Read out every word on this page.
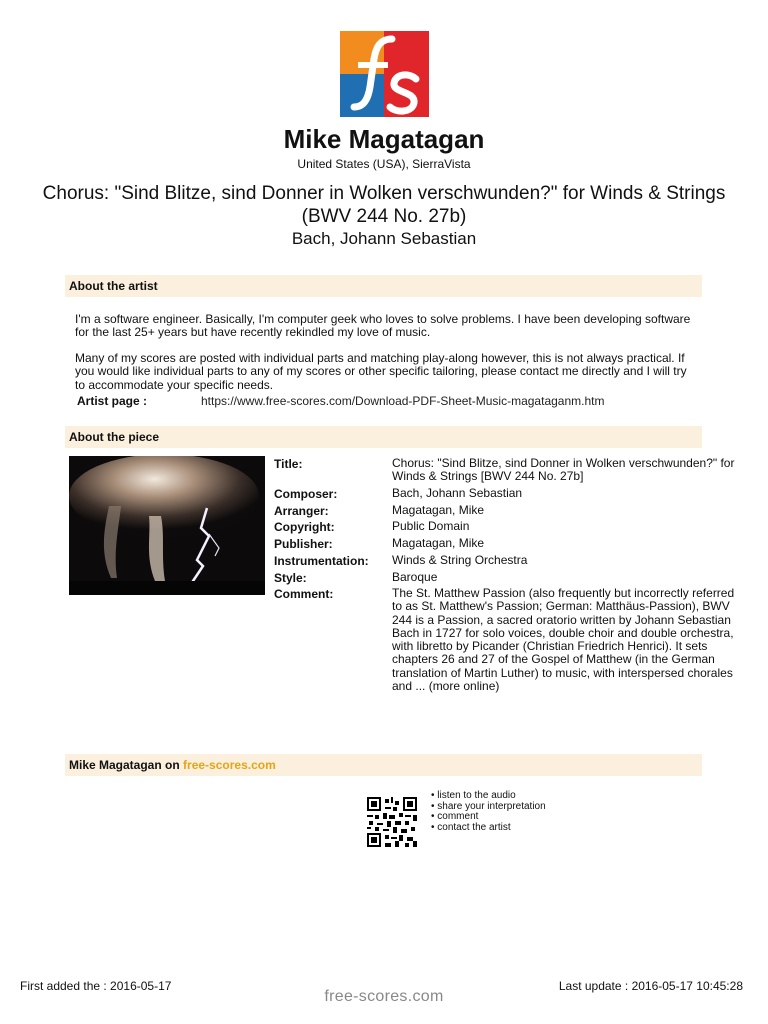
Mike Magatagan
United States (USA), SierraVista
Chorus: "Sind Blitze, sind Donner in Wolken verschwunden?" for Winds & Strings (BWV 244 No. 27b)
Bach, Johann Sebastian
About the artist
I'm a software engineer. Basically, I'm computer geek who loves to solve problems. I have been developing software for the last 25+ years but have recently rekindled my love of music.
Many of my scores are posted with individual parts and matching play-along however, this is not always practical. If you would like individual parts to any of my scores or other specific tailoring, please contact me directly and I will try to accommodate your specific needs.
Artist page :	https://www.free-scores.com/Download-PDF-Sheet-Music-magataganm.htm
About the piece
Title:	Chorus: "Sind Blitze, sind Donner in Wolken verschwunden?" for Winds & Strings [BWV 244 No. 27b]
Composer:	Bach, Johann Sebastian
Arranger:	Magatagan, Mike
Copyright:	Public Domain
Publisher:	Magatagan, Mike
Instrumentation:	Winds & String Orchestra
Style:	Baroque
Comment:	The St. Matthew Passion (also frequently but incorrectly referred to as St. Matthew's Passion; German: Matthäus-Passion), BWV 244 is a Passion, a sacred oratorio written by Johann Sebastian Bach in 1727 for solo voices, double choir and double orchestra, with libretto by Picander (Christian Friedrich Henrici). It sets chapters 26 and 27 of the Gospel of Matthew (in the German translation of Martin Luther) to music, with interspersed chorales and ... (more online)
Mike Magatagan on free-scores.com
• listen to the audio
• share your interpretation
• comment
• contact the artist
First added the : 2016-05-17	Last update : 2016-05-17 10:45:28
free-scores.com
